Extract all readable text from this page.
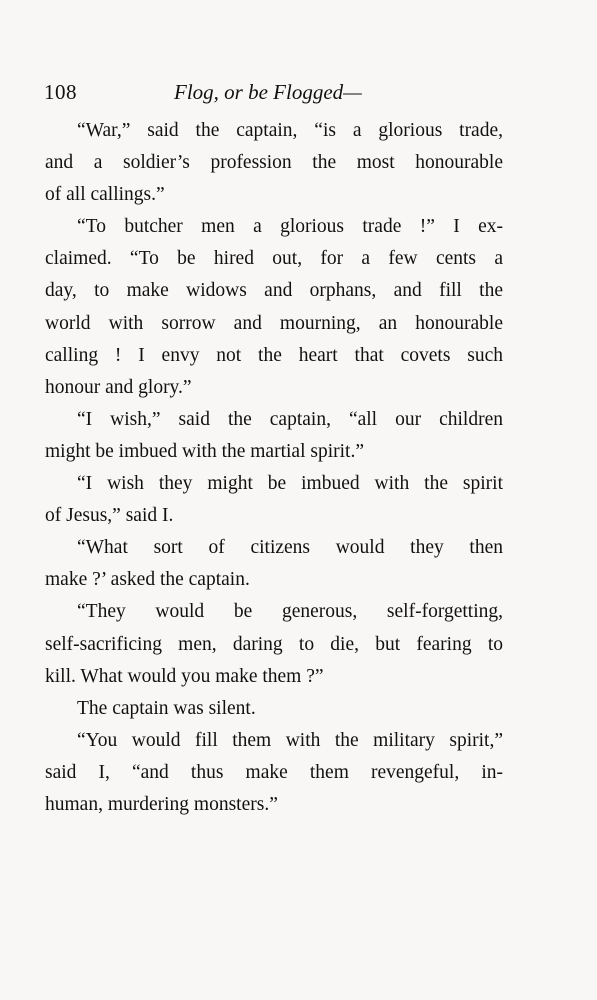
108	Flog, or be Flogged—
“War,” said the captain, “is a glorious trade,
and a soldier’s profession the most honourable
of all callings.”
“To butcher men a glorious trade !” I ex-
claimed. “To be hired out, for a few cents a
day, to make widows and orphans, and fill the
world with sorrow and mourning, an honourable
calling ! I envy not the heart that covets such
honour and glory.”
“I wish,” said the captain, “all our children
might be imbued with the martial spirit.”
“I wish they might be imbued with the spirit
of Jesus,” said I.
“What sort of citizens would they then
make ?’ asked the captain.
“They would be generous, self-forgetting,
self-sacrificing men, daring to die, but fearing to
kill. What would you make them ?”
The captain was silent.
“You would fill them with the military spirit,”
said I, “and thus make them revengeful, in-
human, murdering monsters.”
